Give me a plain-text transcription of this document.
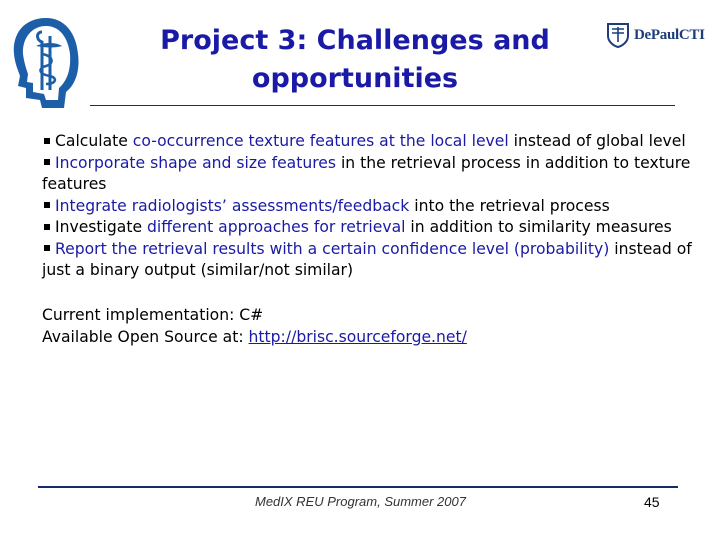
Project 3: Challenges and
opportunities
DePaulCTI

Calculate co-occurrence texture features at the local level instead of global level

Incorporate shape and size features in the retrieval process in addition to texture features

Integrate radiologists’ assessments/feedback into the retrieval process

Investigate different approaches for retrieval in addition to similarity measures

Report the retrieval results with a certain confidence level (probability) instead of just a binary output (similar/not similar)

Current implementation: C#

Available Open Source at: http://brisc.sourceforge.net/

MedIX REU Program, Summer 2007	45
